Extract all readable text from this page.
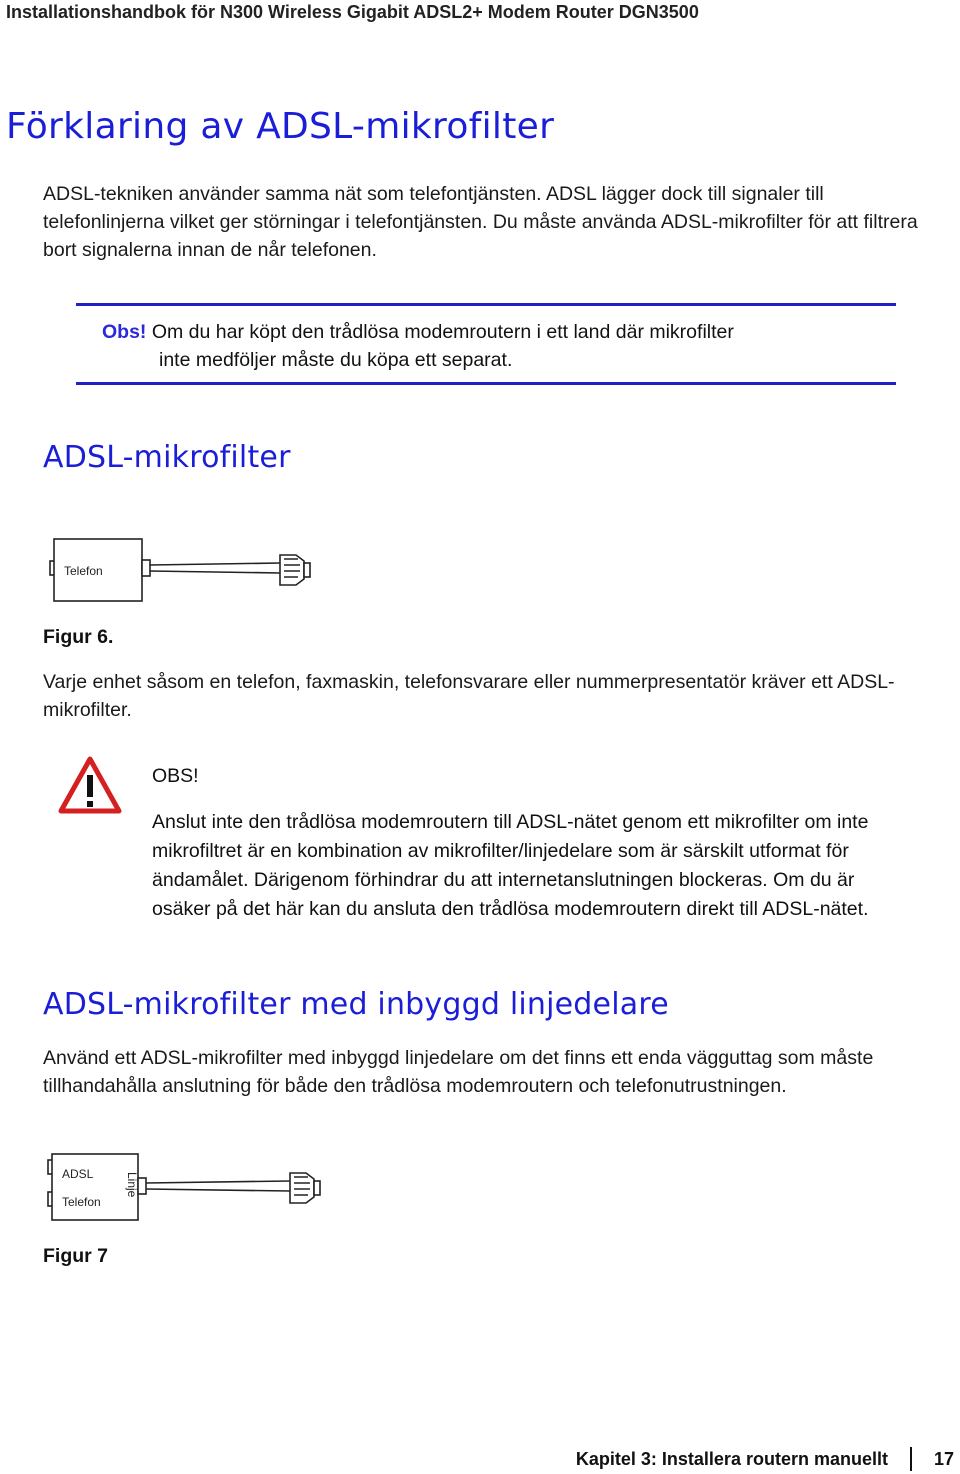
Installationshandbok för N300 Wireless Gigabit ADSL2+ Modem Router DGN3500
Förklaring av ADSL-mikrofilter
ADSL-tekniken använder samma nät som telefontjänsten. ADSL lägger dock till signaler till telefonlinjerna vilket ger störningar i telefontjänsten. Du måste använda ADSL-mikrofilter för att filtrera bort signalerna innan de når telefonen.
Obs! Om du har köpt den trådlösa modemroutern i ett land där mikrofilter
inte medföljer måste du köpa ett separat.
ADSL-mikrofilter
Telefon
Figur 6.
Varje enhet såsom en telefon, faxmaskin, telefonsvarare eller nummerpresentatör kräver ett ADSL-mikrofilter.
OBS!
Anslut inte den trådlösa modemroutern till ADSL-nätet genom ett mikrofilter om inte mikrofiltret är en kombination av mikrofilter/linjedelare som är särskilt utformat för ändamålet. Därigenom förhindrar du att internetanslutningen blockeras. Om du är osäker på det här kan du ansluta den trådlösa modemroutern direkt till ADSL-nätet.
ADSL-mikrofilter med inbyggd linjedelare
Använd ett ADSL-mikrofilter med inbyggd linjedelare om det finns ett enda vägguttag som måste tillhandahålla anslutning för både den trådlösa modemroutern och telefonutrustningen.
ADSL
Telefon
Linje
Figur 7
Kapitel 3: Installera routern manuellt	17
